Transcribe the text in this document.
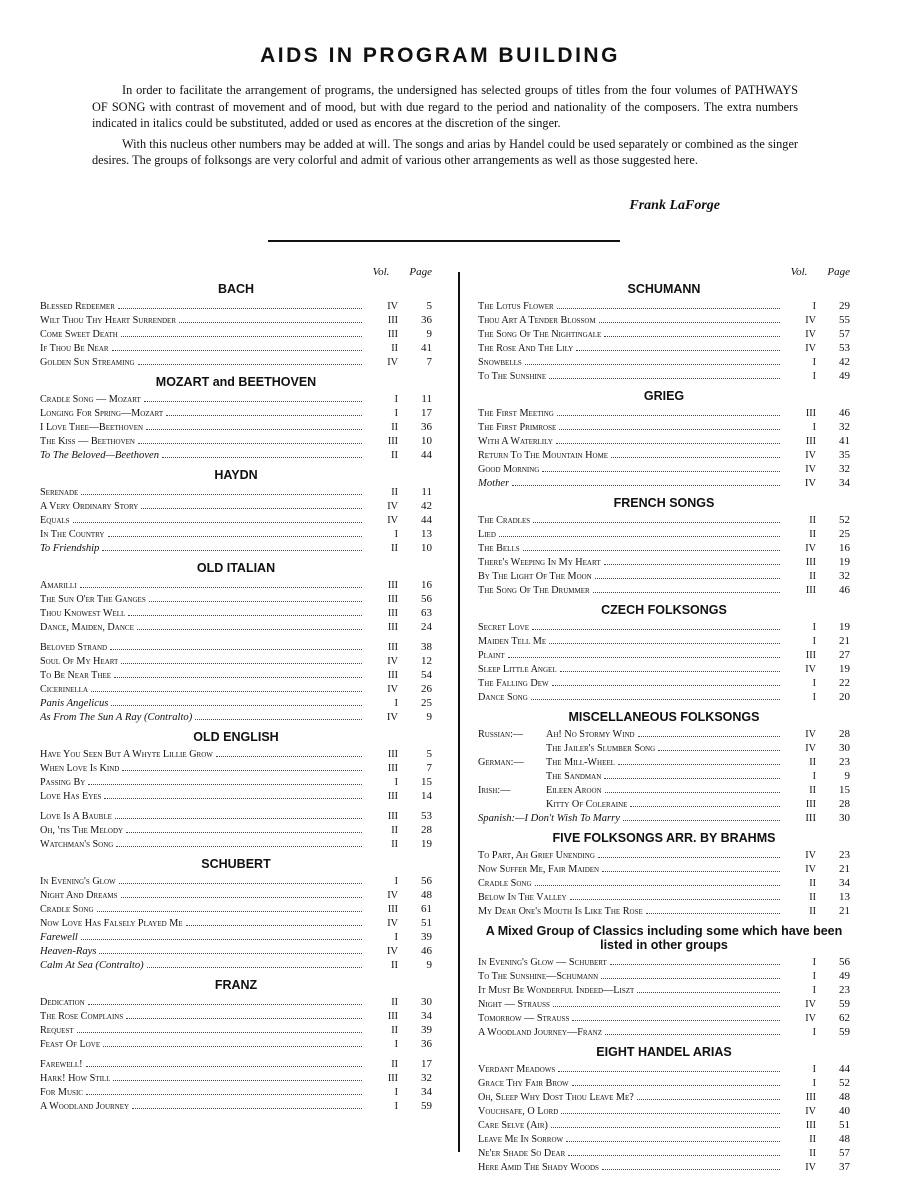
AIDS IN PROGRAM BUILDING

In order to facilitate the arrangement of programs, the undersigned has selected groups of titles from the four volumes of PATHWAYS OF SONG with contrast of movement and of mood, but with due regard to the period and nationality of the composers. The extra numbers indicated in italics could be substituted, added or used as encores at the discretion of the singer.

With this nucleus other numbers may be added at will. The songs and arias by Handel could be used separately or combined as the singer desires. The groups of folksongs are very colorful and admit of various other arrangements as well as those suggested here.

Frank LaForge
Vol.	Page
BACH
Blessed Redeemer	IV	5
Wilt Thou Thy Heart Surrender	III	36
Come Sweet Death	III	9
If Thou Be Near	II	41
Golden Sun Streaming	IV	7
MOZART and BEETHOVEN
Cradle Song — Mozart	I	11
Longing For Spring—Mozart	I	17
I Love Thee—Beethoven	II	36
The Kiss — Beethoven	III	10
To The Beloved—Beethoven	II	44
HAYDN
Serenade	II	11
A Very Ordinary Story	IV	42
Equals	IV	44
In The Country	I	13
To Friendship	II	10
OLD ITALIAN
Amarilli	III	16
The Sun O'er The Ganges	III	56
Thou Knowest Well	III	63
Dance, Maiden, Dance	III	24
Beloved Strand	III	38
Soul Of My Heart	IV	12
To Be Near Thee	III	54
Cicerinella	IV	26
Panis Angelicus	I	25
As From The Sun A Ray (Contralto)	IV	9
OLD ENGLISH
Have You Seen But A Whyte Lillie Grow	III	5
When Love Is Kind	III	7
Passing By	I	15
Love Has Eyes	III	14
Love Is A Bauble	III	53
Oh, 'tis The Melody	II	28
Watchman's Song	II	19
SCHUBERT
In Evening's Glow	I	56
Night And Dreams	IV	48
Cradle Song	III	61
Now Love Has Falsely Played Me	IV	51
Farewell	I	39
Heaven-Rays	IV	46
Calm At Sea (Contralto)	II	9
FRANZ
Dedication	II	30
The Rose Complains	III	34
Request	II	39
Feast Of Love	I	36
Farewell!	II	17
Hark! How Still	III	32
For Music	I	34
A Woodland Journey	I	59
Vol.	Page
SCHUMANN
The Lotus Flower	I	29
Thou Art A Tender Blossom	IV	55
The Song Of The Nightingale	IV	57
The Rose And The Lily	IV	53
Snowbells	I	42
To The Sunshine	I	49
GRIEG
The First Meeting	III	46
The First Primrose	I	32
With A Waterlily	III	41
Return To The Mountain Home	IV	35
Good Morning	IV	32
Mother	IV	34
FRENCH SONGS
The Cradles	II	52
Lied	II	25
The Bells	IV	16
There's Weeping In My Heart	III	19
By The Light Of The Moon	II	32
The Song Of The Drummer	III	46
CZECH FOLKSONGS
Secret Love	I	19
Maiden Tell Me	I	21
Plaint	III	27
Sleep Little Angel	IV	19
The Falling Dew	I	22
Dance Song	I	20
MISCELLANEOUS FOLKSONGS
Russian:— Ah! No Stormy Wind	IV	28
The Jailer's Slumber Song	IV	30
German:— The Mill-Wheel	II	23
The Sandman	I	9
Irish:—	Eileen Aroon	II	15
Kitty Of Coleraine	III	28
Spanish:—I Don't Wish To Marry	III	30
FIVE FOLKSONGS ARR. BY BRAHMS
To Part, Ah Grief Unending	IV	23
Now Suffer Me, Fair Maiden	IV	21
Cradle Song	II	34
Below In The Valley	II	13
My Dear One's Mouth Is Like The Rose	II	21
A Mixed Group of Classics including some which have been listed in other groups
In Evening's Glow — Schubert	I	56
To The Sunshine—Schumann	I	49
It Must Be Wonderful Indeed—Liszt	I	23
Night — Strauss	IV	59
Tomorrow — Strauss	IV	62
A Woodland Journey—Franz	I	59
EIGHT HANDEL ARIAS
Verdant Meadows	I	44
Grace Thy Fair Brow	I	52
Oh, Sleep Why Dost Thou Leave Me?	III	48
Vouchsafe, O Lord	IV	40
Care Selve (Air)	III	51
Leave Me In Sorrow	II	48
Ne'er Shade So Dear	II	57
Here Amid The Shady Woods	IV	37
